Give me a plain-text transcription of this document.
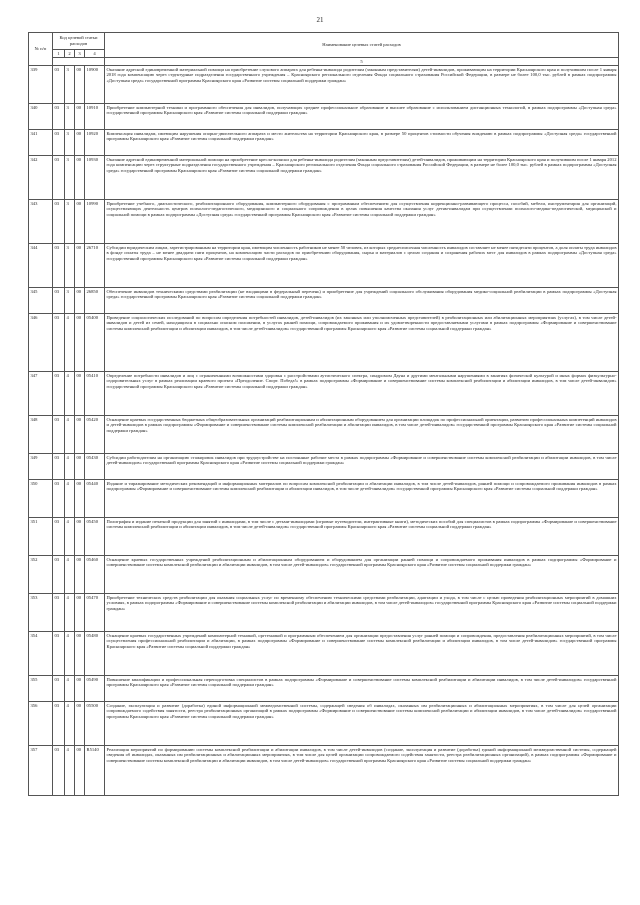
21
№ п/п	Код целевой статьи расходов				Наименование целевых статей расходов
	1	2	3	4	
					5
339	03	3	00	10900	Оказание адресной единовременной материальной помощи на приобретение слухового аппарата для ребенка-инвалида родителям (законным представителям) детей-инвалидов, проживающим на территории Красноярского края и получившим после 1 января 2018 года компенсацию через структурные подразделения государственного учреждения – Красноярского регионального отделения Фонда социального страхования Российской Федерации, в размере не более 100,0 тыс. рублей в рамках подпрограммы «Доступная среда» государственной программы Красноярского края «Развитие системы социальной поддержки граждан»
340	03	3	00	10910	Приобретение компьютерной техники и программного обеспечения для инвалидов, получающих среднее профессиональное образование и высшее образование с использованием дистанционных технологий, в рамках подпрограммы «Доступная среда» государственной программы Красноярского края «Развитие системы социальной поддержки граждан»
341	03	3	00	10920	Компенсация инвалидам, имеющим нарушения опорно-двигательного аппарата и место жительства на территории Красноярского края, в размере 50 процентов стоимости обучения вождению в рамках подпрограммы «Доступная среда» государственной программы Красноярского края «Развитие системы социальной поддержки граждан»
342	03	3	00	10930	Оказание адресной единовременной материальной помощи на приобретение кресла-коляски для ребенка-инвалида родителям (законным представителям) детей-инвалидов, проживающим на территории Красноярского края и получившим после 1 января 2012 года компенсацию через структурные подразделения государственного учреждения – Красноярского регионального отделения Фонда социального страхования Российской Федерации, в размере не более 100,0 тыс. рублей в рамках подпрограммы «Доступная среда» государственной программы Красноярского края «Развитие системы социальной поддержки граждан»
343	03	3	00	10990	Приобретение учебного, диагностического, реабилитационного оборудования, компьютерного оборудования с программным обеспечением для осуществления коррекционно-развивающего процесса, пособий, мебели, инструментария для организаций, осуществляющих деятельность центров психолого-педагогического, медицинского и социального сопровождения в целях повышения качества оказания услуг детям-инвалидам при осуществлении психолого-медико-педагогической, медицинской и социальной помощи в рамках подпрограммы «Доступная среда» государственной программы Красноярского края «Развитие системы социальной поддержки граждан»
344	03	3	00	26710	Субсидии юридическим лицам, зарегистрированным на территории края, имеющим численность работников не менее 50 человек, из которых среднесписочная численность инвалидов составляет не менее пятидесяти процентов, а доля оплаты труда инвалидов в фонде оплаты труда – не менее двадцати пяти процентов, на компенсацию части расходов по приобретению оборудования, сырья и материалов с целью создания и сохранения рабочих мест для инвалидов в рамках подпрограммы «Доступная среда» государственной программы Красноярского края «Развитие системы социальной поддержки граждан»
345	03	3	00	26850	Обеспечение инвалидов техническими средствами реабилитации (не входящими в федеральный перечень) и приобретение для учреждений социального обслуживания оборудования медико-социальной реабилитации в рамках подпрограммы «Доступная среда» государственной программы Красноярского края «Развитие системы социальной поддержки граждан»
346	03	4	00	05400	Проведение социологических исследований по вопросам определения потребностей инвалидов, детей-инвалидов (их законных или уполномоченных представителей) в реабилитационных или абилитационных мероприятиях (услугах), в том числе детей-инвалидов и детей из семей, находящихся в социально опасном положении, в услугах ранней помощи, сопровождаемого проживания и их удовлетворенности предоставляемыми услугами в рамках подпрограммы «Формирование и совершенствование системы комплексной реабилитации и абилитации инвалидов, в том числе детей-инвалидов» государственной программы Красноярского края «Развитие системы социальной поддержки граждан»
347	03	4	00	05410	Определение потребности инвалидов и лиц с ограниченными возможностями здоровья с расстройствами аутистического спектра, синдромом Дауна и другими ментальными нарушениями в занятиях физической культурой и иных формах физкультурно-оздоровительных услуг в рамках реализации краевого проекта «Преодоление. Спорт. Победа!» в рамках подпрограммы «Формирование и совершенствование системы комплексной реабилитации и абилитации инвалидов, в том числе детей-инвалидов» государственной программы Красноярского края «Развитие системы социальной поддержки граждан»
348	03	4	00	05420	Оснащение краевых государственных бюджетных общеобразовательных организаций реабилитационным и абилитационным оборудованием для организации площадок по профессиональной ориентации, развитию профессиональных компетенций инвалидов и детей-инвалидов в рамках подпрограммы «Формирование и совершенствование системы комплексной реабилитации и абилитации инвалидов, в том числе детей-инвалидов» государственной программы Красноярского края «Развитие системы социальной поддержки граждан»
349	03	4	00	05430	Субсидии работодателям на организацию стажировок инвалидов при трудоустройстве на постоянные рабочие места в рамках подпрограммы «Формирование и совершенствование системы комплексной реабилитации и абилитации инвалидов, в том числе детей-инвалидов» государственной программы Красноярского края «Развитие системы социальной поддержки граждан»
350	03	4	00	05440	Издание и тиражирование методических рекомендаций и информационных материалов по вопросам комплексной реабилитации и абилитации инвалидов, в том числе детей-инвалидов, ранней помощи и сопровождаемого проживания инвалидов в рамках подпрограммы «Формирование и совершенствование системы комплексной реабилитации и абилитации инвалидов, в том числе детей-инвалидов» государственной программы Красноярского края «Развитие системы социальной поддержки граждан»
351	03	4	00	05450	Полиграфия и издание печатной продукции для занятий с инвалидами, в том числе с детьми-инвалидами (игровые путеводители, интерактивные книги), методических пособий для специалистов в рамках подпрограммы «Формирование и совершенствование системы комплексной реабилитации и абилитации инвалидов, в том числе детей-инвалидов» государственной программы Красноярского края «Развитие системы социальной поддержки граждан»
352	03	4	00	05460	Оснащение краевых государственных учреждений реабилитационным и абилитационным оборудованием и оборудованием для организации ранней помощи и сопровождаемого проживания инвалидов в рамках подпрограммы «Формирование и совершенствование системы комплексной реабилитации и абилитации инвалидов, в том числе детей-инвалидов» государственной программы Красноярского края «Развитие системы социальной поддержки граждан»
353	03	4	00	05470	Приобретение технических средств реабилитации для оказания социальных услуг по временному обеспечению техническими средствами реабилитации, адаптации и ухода, в том числе с целью проведения реабилитационных мероприятий в домашних условиях, в рамках подпрограммы «Формирование и совершенствование системы комплексной реабилитации и абилитации инвалидов, в том числе детей-инвалидов» государственной программы Красноярского края «Развитие системы социальной поддержки граждан»
354	03	4	00	05480	Оснащение краевых государственных учреждений компьютерной техникой, оргтехникой и программным обеспечением для организации предоставления услуг ранней помощи и сопровождения, предоставления реабилитационных мероприятий, в том числе осуществления профессиональной реабилитации и абилитации, в рамках подпрограммы «Формирование и совершенствование системы комплексной реабилитации и абилитации инвалидов, в том числе детей-инвалидов» государственной программы Красноярского края «Развитие системы социальной поддержки граждан»
355	03	4	00	05490	Повышение квалификации и профессиональная переподготовка специалистов в рамках подпрограммы «Формирование и совершенствование системы комплексной реабилитации и абилитации инвалидов, в том числе детей-инвалидов» государственной программы Красноярского края «Развитие системы социальной поддержки граждан»
356	03	4	00	05500	Создание, эксплуатация и развитие (доработка) единой информационной межведомственной системы, содержащей сведения об инвалидах, оказанных им реабилитационных и абилитационных мероприятиях, в том числе для целей организации сопровождаемого содействия занятости, реестра реабилитационных организаций в рамках подпрограммы «Формирование и совершенствование системы комплексной реабилитации и абилитации инвалидов, в том числе детей-инвалидов» государственной программы Красноярского края «Развитие системы социальной поддержки граждан»
357	03	4	00	R5140	Реализация мероприятий по формированию системы комплексной реабилитации и абилитации инвалидов, в том числе детей-инвалидов (создание, эксплуатация и развитие (доработка) единой информационной межведомственной системы, содержащей сведения об инвалидах, оказанных им реабилитационных и абилитационных мероприятиях, в том числе для целей организации сопровождаемого содействия занятости, реестра реабилитационных организаций), в рамках подпрограммы «Формирование и совершенствование системы комплексной реабилитации и абилитации инвалидов, в том числе детей-инвалидов» государственной программы Красноярского края «Развитие системы социальной поддержки граждан»
